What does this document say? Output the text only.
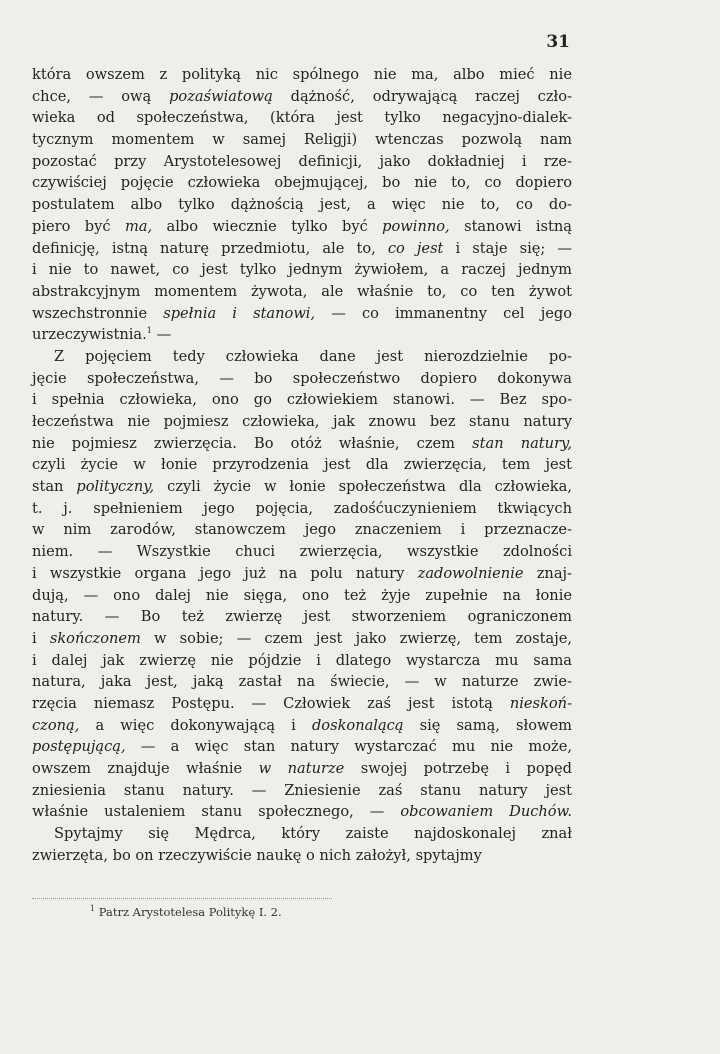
31
która owszem z polityką nic spólnego nie ma, albo mieć nie
chce, — ową pozaświatową dążność, odrywającą raczej czło-
wieka od społeczeństwa, (która jest tylko negacyjno-dialek-
tycznym momentem w samej Religji) wtenczas pozwolą nam
pozostać przy Arystotelesowej definicji, jako dokładniej i rze-
czywiściej pojęcie człowieka obejmującej, bo nie to, co dopiero
postulatem albo tylko dążnością jest, a więc nie to, co do-
piero być ma, albo wiecznie tylko być powinno, stanowi istną
definicję, istną naturę przedmiotu, ale to, co jest i staje się; —
i nie to nawet, co jest tylko jednym żywiołem, a raczej jednym
abstrakcyjnym momentem żywota, ale właśnie to, co ten żywot
wszechstronnie spełnia i stanowi, — co immanentny cel jego
urzeczywistnia.$^1$ —
Z pojęciem tedy człowieka dane jest nierozdzielnie po-
jęcie społeczeństwa, — bo społeczeństwo dopiero dokonywa
i spełnia człowieka, ono go człowiekiem stanowi. — Bez spo-
łeczeństwa nie pojmiesz człowieka, jak znowu bez stanu natury
nie pojmiesz zwierzęcia. Bo otóż właśnie, czem stan natury,
czyli życie w łonie przyrodzenia jest dla zwierzęcia, tem jest
stan polityczny, czyli życie w łonie społeczeństwa dla człowieka,
t. j. spełnieniem jego pojęcia, zadośćuczynieniem tkwiących
w nim zarodów, stanowczem jego znaczeniem i przeznacze-
niem. — Wszystkie chuci zwierzęcia, wszystkie zdolności
i wszystkie organa jego już na polu natury zadowolnienie znaj-
dują, — ono dalej nie sięga, ono też żyje zupełnie na łonie
natury. — Bo też zwierzę jest stworzeniem ograniczonem
i skończonem w sobie; — czem jest jako zwierzę, tem zostaje,
i dalej jak zwierzę nie pójdzie i dlatego wystarcza mu sama
natura, jaka jest, jaką zastał na świecie, — w naturze zwie-
rzęcia niemasz Postępu. — Człowiek zaś jest istotą nieskoń-
czoną, a więc dokonywającą i doskonalącą się samą, słowem
postępującą, — a więc stan natury wystarczać mu nie może,
owszem znajduje właśnie w naturze swojej potrzebę i popęd
zniesienia stanu natury. — Zniesienie zaś stanu natury jest
właśnie ustaleniem stanu społecznego, — obcowaniem Duchów.
Spytajmy się Mędrca, który zaiste najdoskonalej znał
zwierzęta, bo on rzeczywiście naukę o nich założył, spytajmy
$^1$ Patrz Arystotelesa Politykę I. 2.
